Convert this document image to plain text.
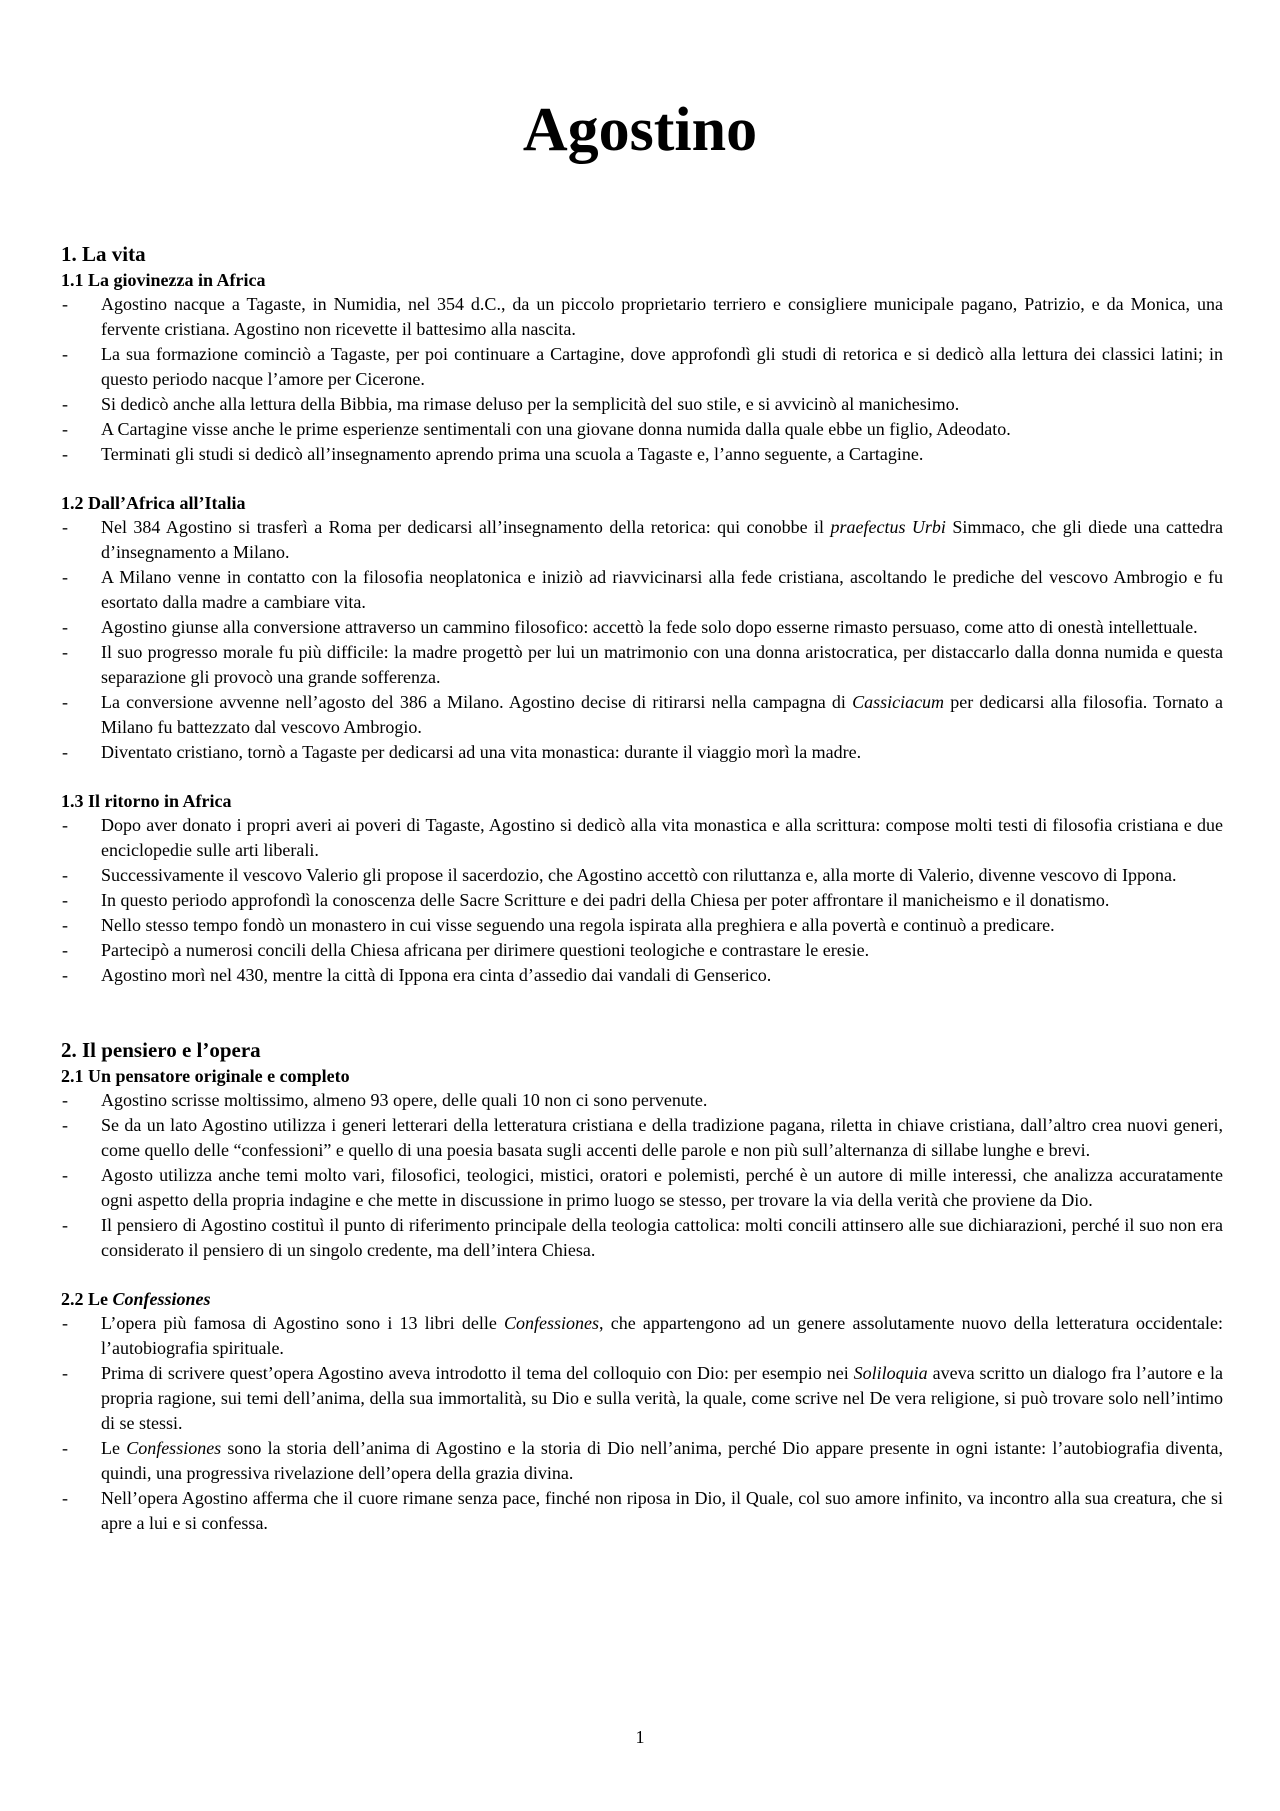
Agostino
1. La vita
1.1 La giovinezza in Africa
- Agostino nacque a Tagaste, in Numidia, nel 354 d.C., da un piccolo proprietario terriero e consigliere municipale pagano, Patrizio, e da Monica, una fervente cristiana. Agostino non ricevette il battesimo alla nascita.
- La sua formazione cominciò a Tagaste, per poi continuare a Cartagine, dove approfondì gli studi di retorica e si dedicò alla lettura dei classici latini; in questo periodo nacque l’amore per Cicerone.
- Si dedicò anche alla lettura della Bibbia, ma rimase deluso per la semplicità del suo stile, e si avvicinò al manichesimo.
- A Cartagine visse anche le prime esperienze sentimentali con una giovane donna numida dalla quale ebbe un figlio, Adeodato.
- Terminati gli studi si dedicò all’insegnamento aprendo prima una scuola a Tagaste e, l’anno seguente, a Cartagine.
1.2 Dall’Africa all’Italia
- Nel 384 Agostino si trasferì a Roma per dedicarsi all’insegnamento della retorica: qui conobbe il praefectus Urbi Simmaco, che gli diede una cattedra d’insegnamento a Milano.
- A Milano venne in contatto con la filosofia neoplatonica e iniziò ad riavvicinarsi alla fede cristiana, ascoltando le prediche del vescovo Ambrogio e fu esortato dalla madre a cambiare vita.
- Agostino giunse alla conversione attraverso un cammino filosofico: accettò la fede solo dopo esserne rimasto persuaso, come atto di onestà intellettuale.
- Il suo progresso morale fu più difficile: la madre progettò per lui un matrimonio con una donna aristocratica, per distaccarlo dalla donna numida e questa separazione gli provocò una grande sofferenza.
- La conversione avvenne nell’agosto del 386 a Milano. Agostino decise di ritirarsi nella campagna di Cassiciacum per dedicarsi alla filosofia. Tornato a Milano fu battezzato dal vescovo Ambrogio.
- Diventato cristiano, tornò a Tagaste per dedicarsi ad una vita monastica: durante il viaggio morì la madre.
1.3 Il ritorno in Africa
- Dopo aver donato i propri averi ai poveri di Tagaste, Agostino si dedicò alla vita monastica e alla scrittura: compose molti testi di filosofia cristiana e due enciclopedie sulle arti liberali.
- Successivamente il vescovo Valerio gli propose il sacerdozio, che Agostino accettò con riluttanza e, alla morte di Valerio, divenne vescovo di Ippona.
- In questo periodo approfondì la conoscenza delle Sacre Scritture e dei padri della Chiesa per poter affrontare il manicheismo e il donatismo.
- Nello stesso tempo fondò un monastero in cui visse seguendo una regola ispirata alla preghiera e alla povertà e continuò a predicare.
- Partecipò a numerosi concili della Chiesa africana per dirimere questioni teologiche e contrastare le eresie.
- Agostino morì nel 430, mentre la città di Ippona era cinta d’assedio dai vandali di Genserico.
2. Il pensiero e l’opera
2.1 Un pensatore originale e completo
- Agostino scrisse moltissimo, almeno 93 opere, delle quali 10 non ci sono pervenute.
- Se da un lato Agostino utilizza i generi letterari della letteratura cristiana e della tradizione pagana, riletta in chiave cristiana, dall’altro crea nuovi generi, come quello delle “confessioni” e quello di una poesia basata sugli accenti delle parole e non più sull’alternanza di sillabe lunghe e brevi.
- Agosto utilizza anche temi molto vari, filosofici, teologici, mistici, oratori e polemisti, perché è un autore di mille interessi, che analizza accuratamente ogni aspetto della propria indagine e che mette in discussione in primo luogo se stesso, per trovare la via della verità che proviene da Dio.
- Il pensiero di Agostino costituì il punto di riferimento principale della teologia cattolica: molti concili attinsero alle sue dichiarazioni, perché il suo non era considerato il pensiero di un singolo credente, ma dell’intera Chiesa.
2.2 Le Confessiones
- L’opera più famosa di Agostino sono i 13 libri delle Confessiones, che appartengono ad un genere assolutamente nuovo della letteratura occidentale: l’autobiografia spirituale.
- Prima di scrivere quest’opera Agostino aveva introdotto il tema del colloquio con Dio: per esempio nei Soliloquia aveva scritto un dialogo fra l’autore e la propria ragione, sui temi dell’anima, della sua immortalità, su Dio e sulla verità, la quale, come scrive nel De vera religione, si può trovare solo nell’intimo di se stessi.
- Le Confessiones sono la storia dell’anima di Agostino e la storia di Dio nell’anima, perché Dio appare presente in ogni istante: l’autobiografia diventa, quindi, una progressiva rivelazione dell’opera della grazia divina.
- Nell’opera Agostino afferma che il cuore rimane senza pace, finché non riposa in Dio, il Quale, col suo amore infinito, va incontro alla sua creatura, che si apre a lui e si confessa.
1
